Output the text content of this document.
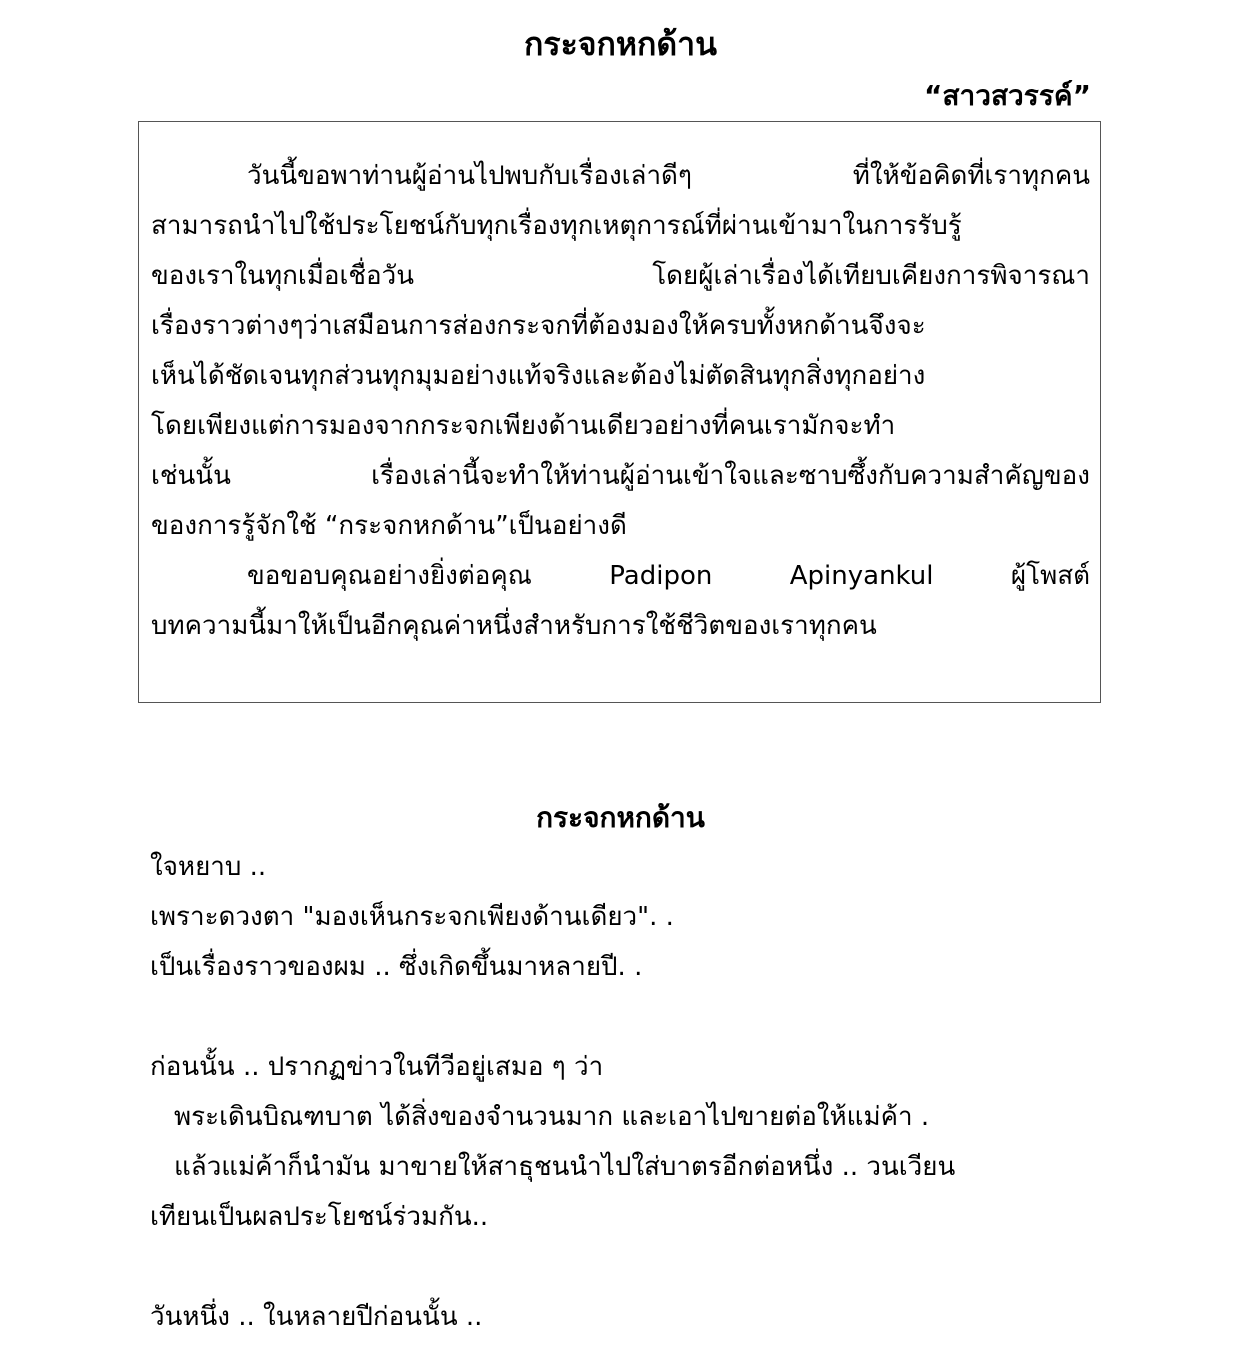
กระจกหกด้าน
“สาวสวรรค์”
วันนี้ขอพาท่านผู้อ่านไปพบกับเรื่องเล่าดีๆ ที่ให้ข้อคิดที่เราทุกคน
สามารถนำไปใช้ประโยชน์กับทุกเรื่องทุกเหตุการณ์ที่ผ่านเข้ามาในการรับรู้
ของเราในทุกเมื่อเชื่อวัน โดยผู้เล่าเรื่องได้เทียบเคียงการพิจารณา
เรื่องราวต่างๆว่าเสมือนการส่องกระจกที่ต้องมองให้ครบทั้งหกด้านจึงจะ
เห็นได้ชัดเจนทุกส่วนทุกมุมอย่างแท้จริงและต้องไม่ตัดสินทุกสิ่งทุกอย่าง
โดยเพียงแต่การมองจากกระจกเพียงด้านเดียวอย่างที่คนเรามักจะทำ
เช่นนั้น เรื่องเล่านี้จะทำให้ท่านผู้อ่านเข้าใจและซาบซึ้งกับความสำคัญของ
ของการรู้จักใช้ “กระจกหกด้าน”เป็นอย่างดี
ขอขอบคุณอย่างยิ่งต่อคุณ Padipon Apinyankul ผู้โพสต์
บทความนี้มาให้เป็นอีกคุณค่าหนึ่งสำหรับการใช้ชีวิตของเราทุกคน
กระจกหกด้าน
ใจหยาบ ..
เพราะดวงตา "มองเห็นกระจกเพียงด้านเดียว". .
เป็นเรื่องราวของผม .. ซึ่งเกิดขึ้นมาหลายปี. .
ก่อนนั้น .. ปรากฏข่าวในทีวีอยู่เสมอ ๆ ว่า
พระเดินบิณฑบาต ได้สิ่งของจำนวนมาก และเอาไปขายต่อให้แม่ค้า .
แล้วแม่ค้าก็นำมัน มาขายให้สาธุชนนำไปใส่บาตรอีกต่อหนึ่ง .. วนเวียน
เทียนเป็นผลประโยชน์ร่วมกัน..
วันหนึ่ง .. ในหลายปีก่อนนั้น ..
